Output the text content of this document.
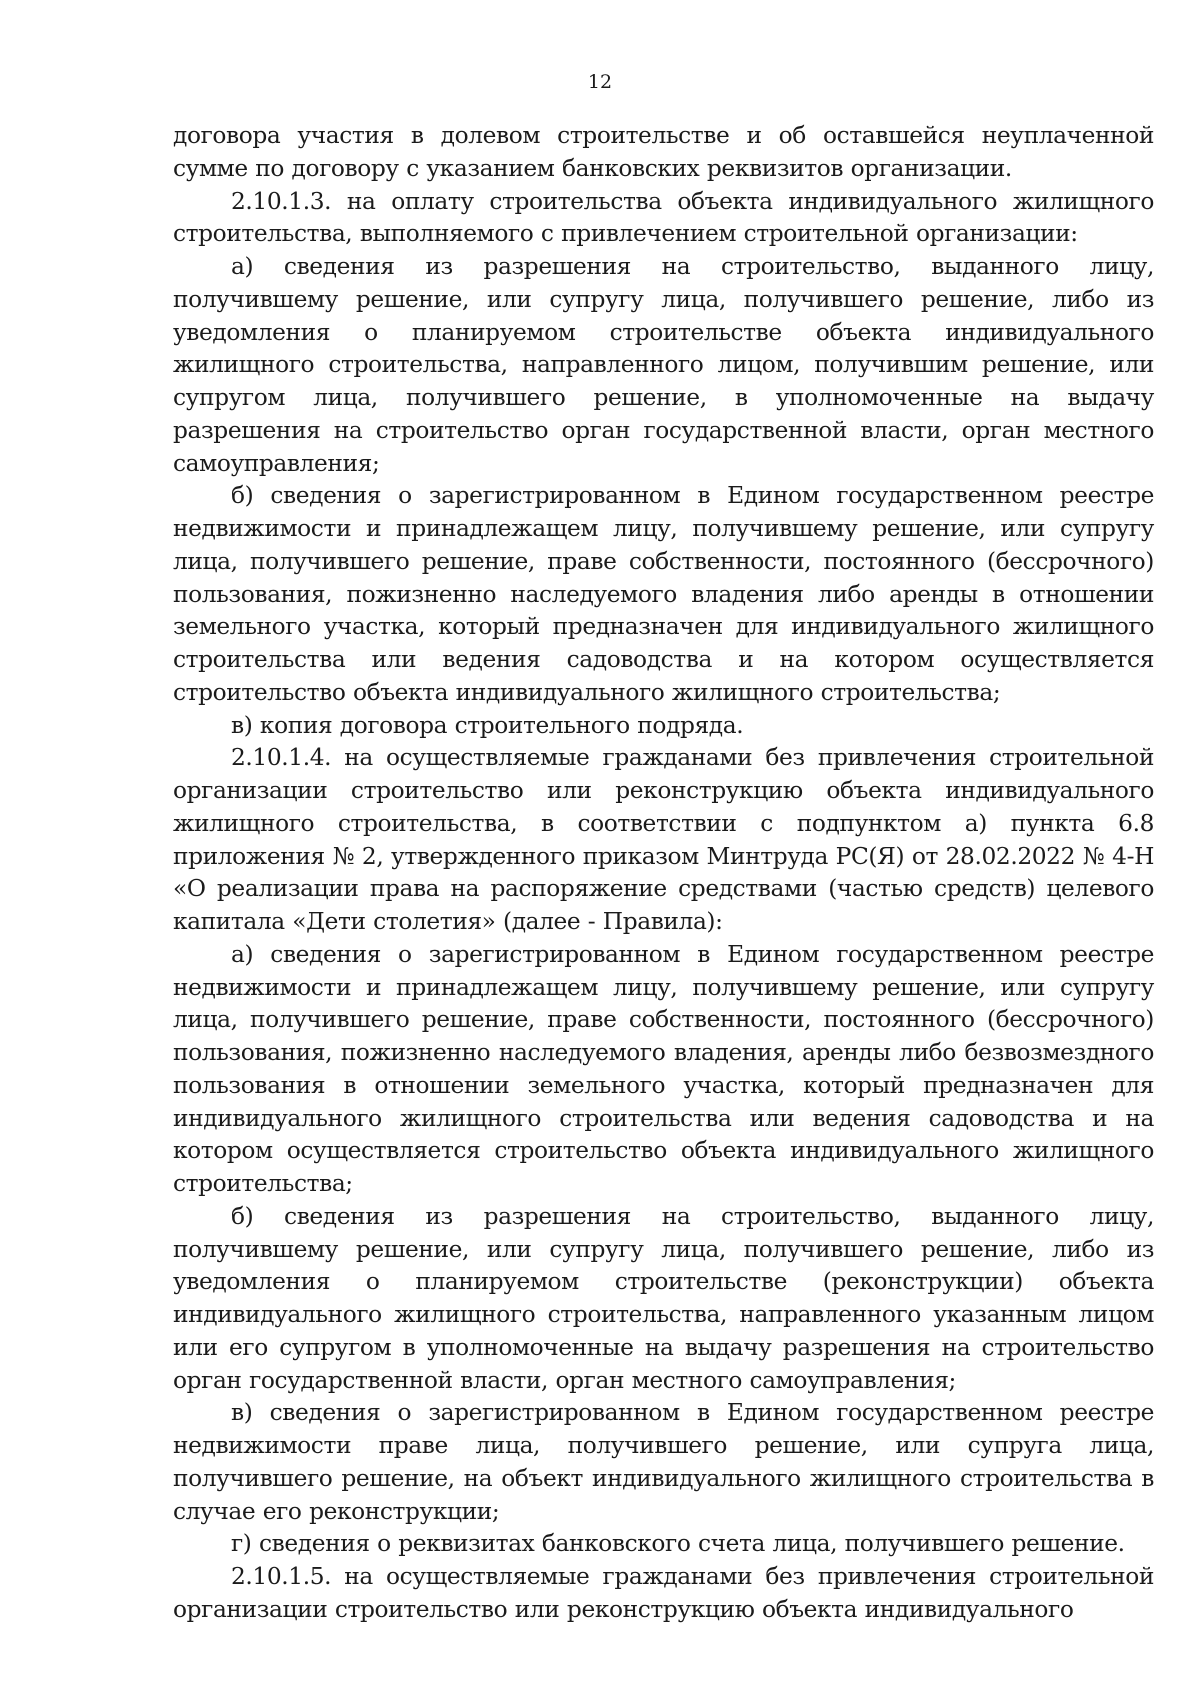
12

договора участия в долевом строительстве и об оставшейся неуплаченной сумме по договору с указанием банковских реквизитов организации.

2.10.1.3. на оплату строительства объекта индивидуального жилищного строительства, выполняемого с привлечением строительной организации:

а) сведения из разрешения на строительство, выданного лицу, получившему решение, или супругу лица, получившего решение, либо из уведомления о планируемом строительстве объекта индивидуального жилищного строительства, направленного лицом, получившим решение, или супругом лица, получившего решение, в уполномоченные на выдачу разрешения на строительство орган государственной власти, орган местного самоуправления;

б) сведения о зарегистрированном в Едином государственном реестре недвижимости и принадлежащем лицу, получившему решение, или супругу лица, получившего решение, праве собственности, постоянного (бессрочного) пользования, пожизненно наследуемого владения либо аренды в отношении земельного участка, который предназначен для индивидуального жилищного строительства или ведения садоводства и на котором осуществляется строительство объекта индивидуального жилищного строительства;

в) копия договора строительного подряда.

2.10.1.4. на осуществляемые гражданами без привлечения строительной организации строительство или реконструкцию объекта индивидуального жилищного строительства, в соответствии с подпунктом а) пункта 6.8 приложения № 2, утвержденного приказом Минтруда РС(Я) от 28.02.2022 № 4-Н «О реализации права на распоряжение средствами (частью средств) целевого капитала «Дети столетия» (далее - Правила):

а) сведения о зарегистрированном в Едином государственном реестре недвижимости и принадлежащем лицу, получившему решение, или супругу лица, получившего решение, праве собственности, постоянного (бессрочного) пользования, пожизненно наследуемого владения, аренды либо безвозмездного пользования в отношении земельного участка, который предназначен для индивидуального жилищного строительства или ведения садоводства и на котором осуществляется строительство объекта индивидуального жилищного строительства;

б) сведения из разрешения на строительство, выданного лицу, получившему решение, или супругу лица, получившего решение, либо из уведомления о планируемом строительстве (реконструкции) объекта индивидуального жилищного строительства, направленного указанным лицом или его супругом в уполномоченные на выдачу разрешения на строительство орган государственной власти, орган местного самоуправления;

в) сведения о зарегистрированном в Едином государственном реестре недвижимости праве лица, получившего решение, или супруга лица, получившего решение, на объект индивидуального жилищного строительства в случае его реконструкции;

г) сведения о реквизитах банковского счета лица, получившего решение.

2.10.1.5. на осуществляемые гражданами без привлечения строительной организации строительство или реконструкцию объекта индивидуального
